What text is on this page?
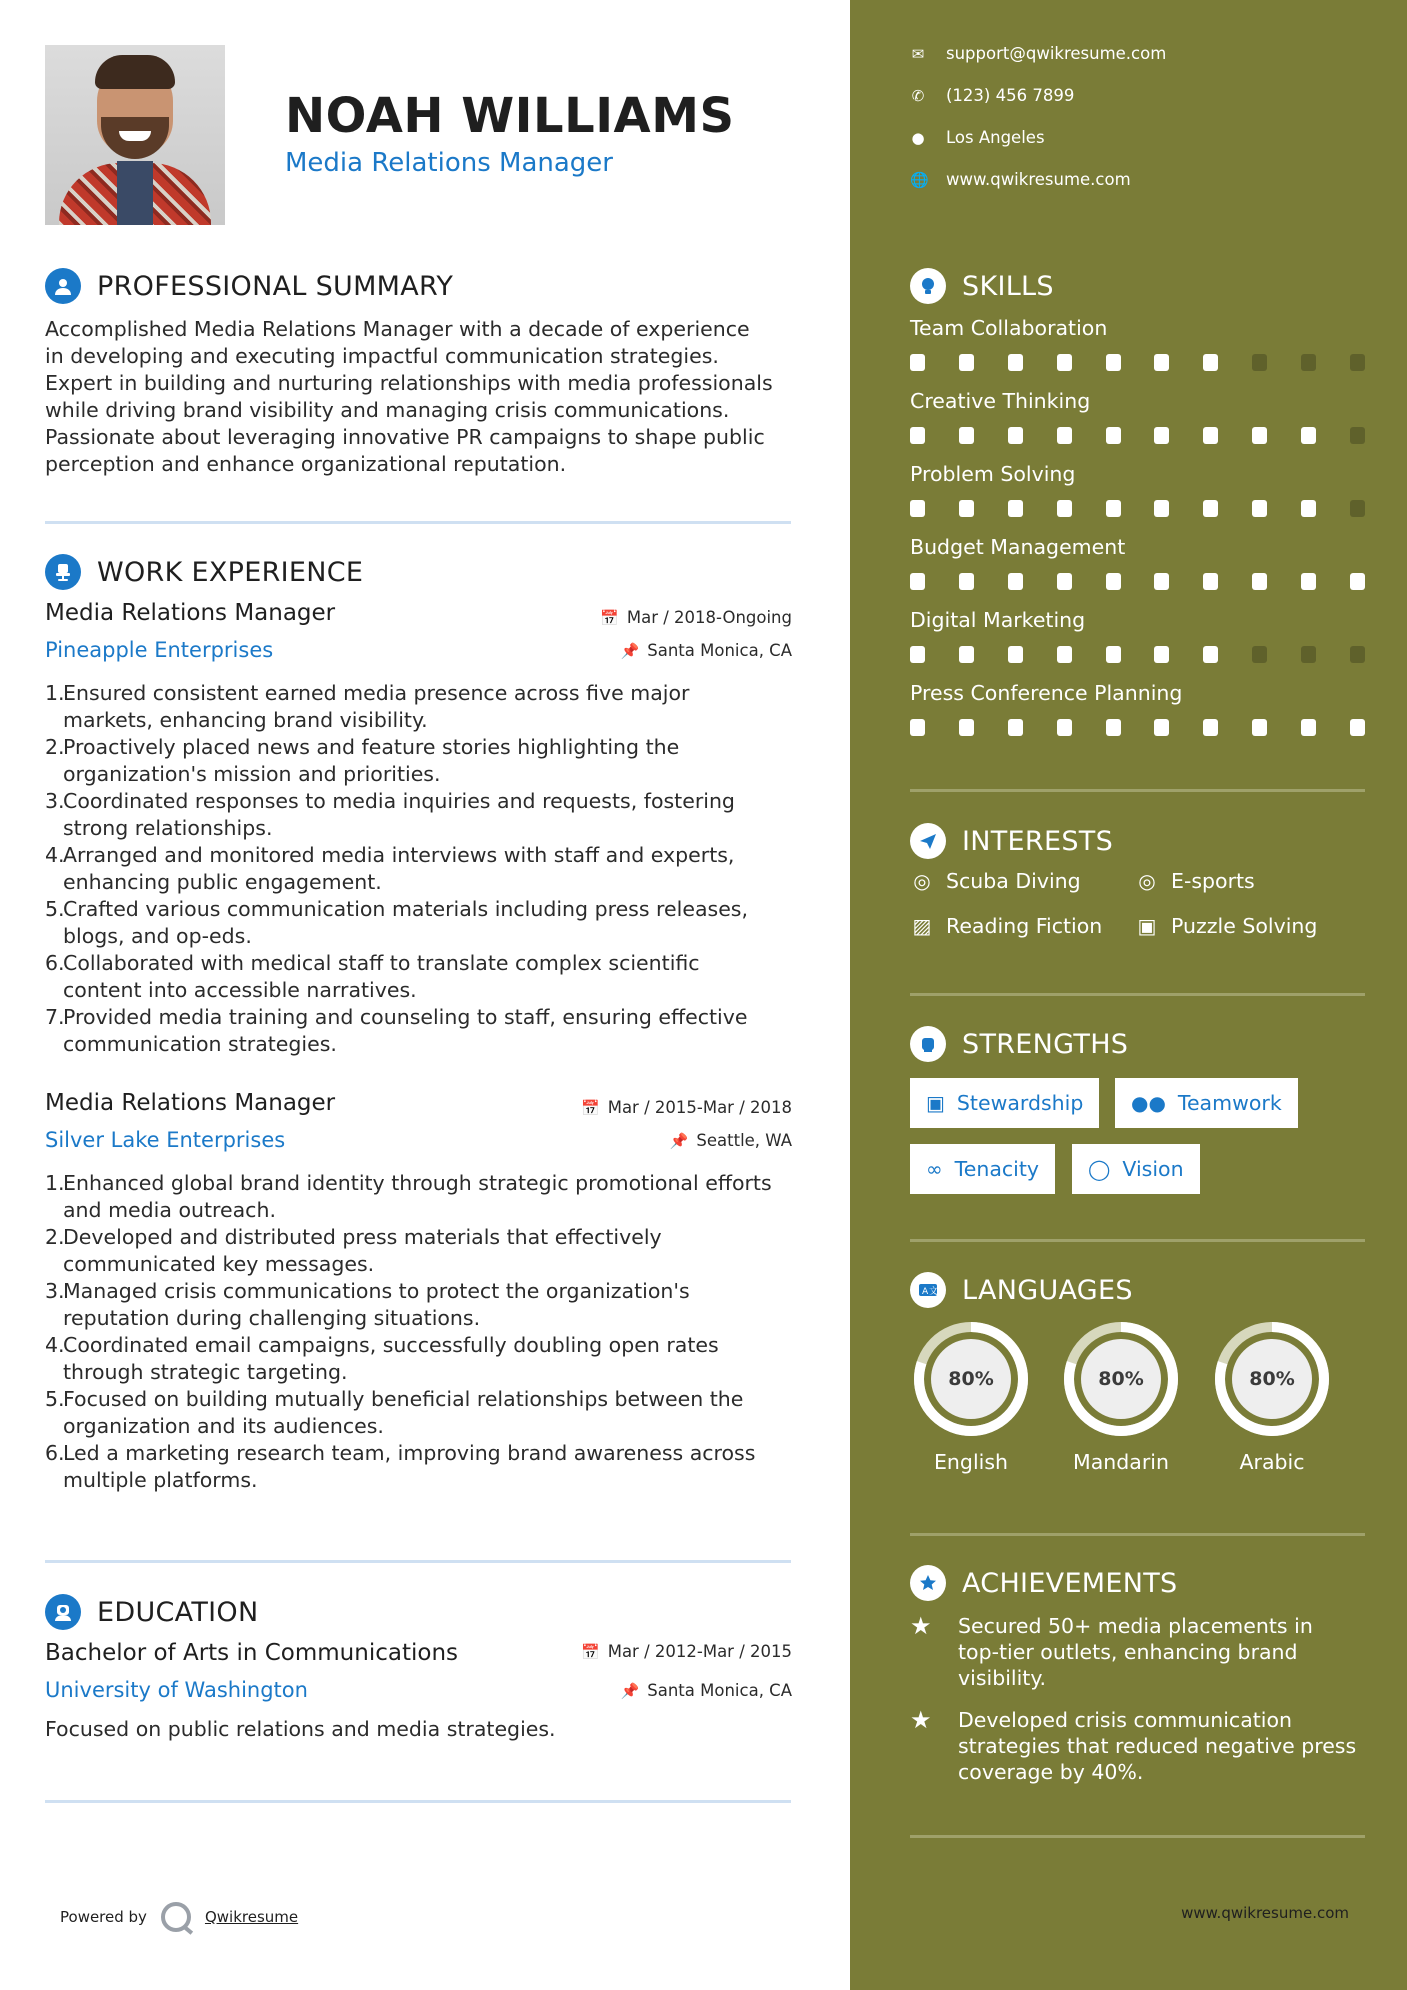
NOAH WILLIAMS
Media Relations Manager
PROFESSIONAL SUMMARY
Accomplished Media Relations Manager with a decade of experience
in developing and executing impactful communication strategies.
Expert in building and nurturing relationships with media professionals
while driving brand visibility and managing crisis communications.
Passionate about leveraging innovative PR campaigns to shape public
perception and enhance organizational reputation.
WORK EXPERIENCE
Media Relations Manager	📅 Mar / 2018-Ongoing
Pineapple Enterprises	📌 Santa Monica, CA
1.
Ensured consistent earned media presence across five major
markets, enhancing brand visibility.
2.
Proactively placed news and feature stories highlighting the
organization's mission and priorities.
3.
Coordinated responses to media inquiries and requests, fostering
strong relationships.
4.
Arranged and monitored media interviews with staff and experts,
enhancing public engagement.
5.
Crafted various communication materials including press releases,
blogs, and op-eds.
6.
Collaborated with medical staff to translate complex scientific
content into accessible narratives.
7.
Provided media training and counseling to staff, ensuring effective
communication strategies.
Media Relations Manager	📅 Mar / 2015-Mar / 2018
Silver Lake Enterprises	📌 Seattle, WA
1.
Enhanced global brand identity through strategic promotional efforts
and media outreach.
2.
Developed and distributed press materials that effectively
communicated key messages.
3.
Managed crisis communications to protect the organization's
reputation during challenging situations.
4.
Coordinated email campaigns, successfully doubling open rates
through strategic targeting.
5.
Focused on building mutually beneficial relationships between the
organization and its audiences.
6.
Led a marketing research team, improving brand awareness across
multiple platforms.
EDUCATION
Bachelor of Arts in Communications	📅 Mar / 2012-Mar / 2015
University of Washington	📌 Santa Monica, CA
Focused on public relations and media strategies.
Powered by	Qwikresume
✉ support@qwikresume.com
✆ (123) 456 7899
● Los Angeles
🌐 www.qwikresume.com
SKILLS
Team Collaboration
Creative Thinking
Problem Solving
Budget Management
Digital Marketing
Press Conference Planning
INTERESTS
◎ Scuba Diving	◎ E-sports
▨ Reading Fiction ▣ Puzzle Solving
STRENGTHS
▣ Stewardship ●● Teamwork
∞ Tenacity ◯ Vision
A 文 LANGUAGES
80%
English
80%
Mandarin
80%
Arabic
ACHIEVEMENTS
★	Secured 50+ media placements in
top-tier outlets, enhancing brand
visibility.
★	Developed crisis communication
strategies that reduced negative press
coverage by 40%.
www.qwikresume.com
